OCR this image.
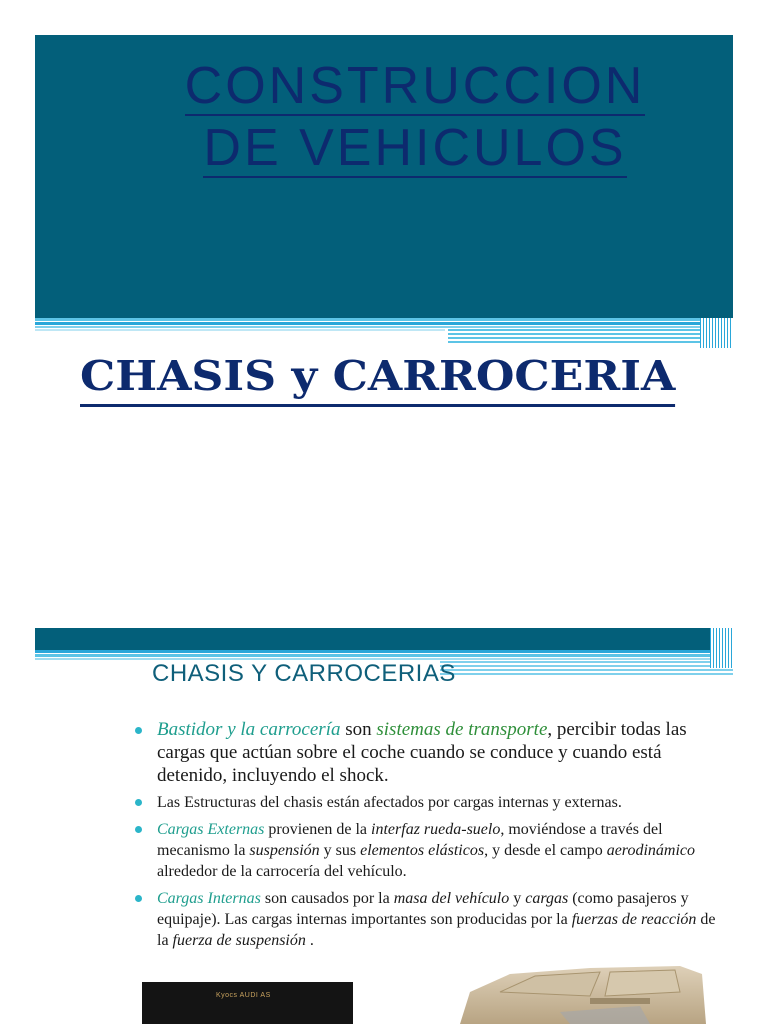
CONSTRUCCION
DE VEHICULOS
CHASIS y CARROCERIA
CHASIS Y CARROCERIAS
Bastidor y la carrocería son sistemas de transporte, percibir todas las cargas que actúan sobre el coche cuando se conduce y cuando está detenido, incluyendo el shock.
Las Estructuras del chasis están afectados por cargas internas y externas.
Cargas Externas provienen de la interfaz rueda-suelo, moviéndose a través del mecanismo la suspensión y sus elementos elásticos, y desde el campo aerodinámico alrededor de la carrocería del vehículo.
Cargas Internas son causados por la masa del vehículo y cargas (como pasajeros y equipaje). Las cargas internas importantes son producidas por la fuerzas de reacción de la fuerza de suspensión .
Kyocs AUDI AS
